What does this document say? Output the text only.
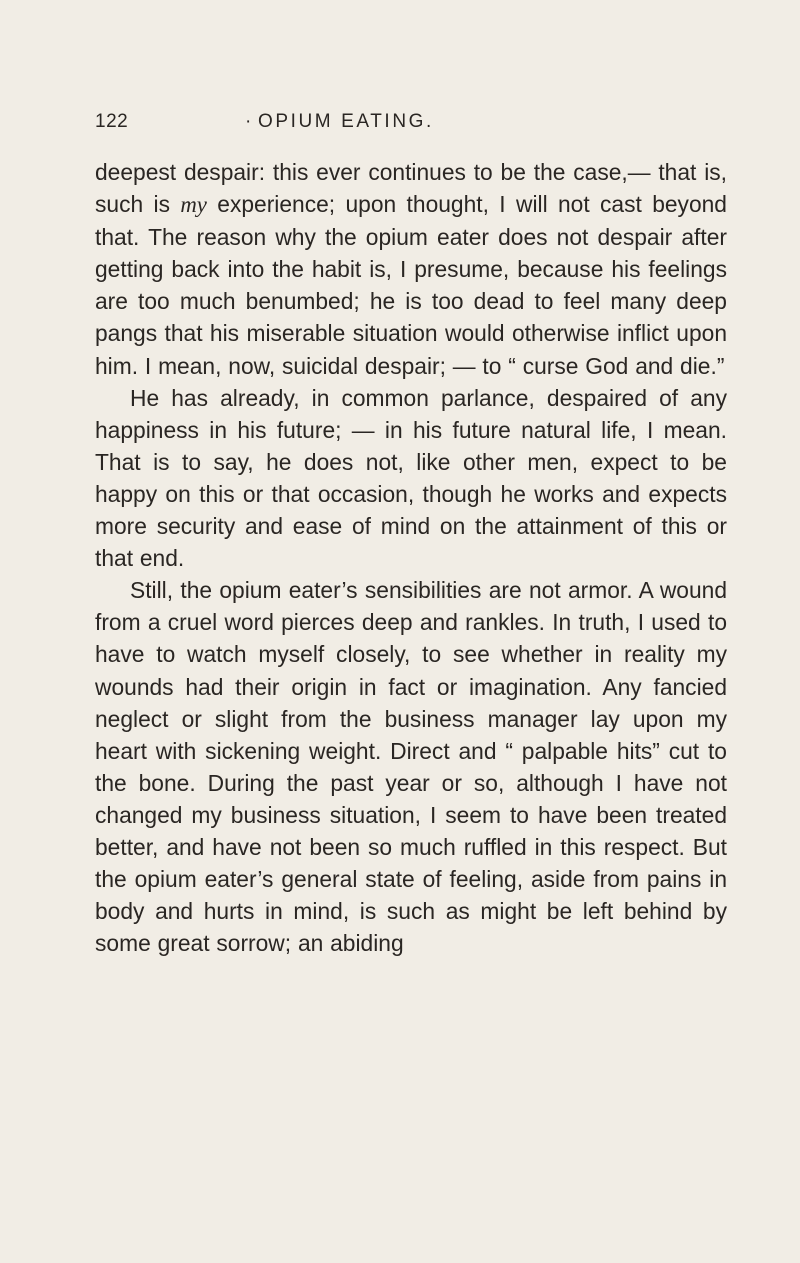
122
·	OPIUM EATING.

deepest despair: this ever continues to be the case,— that is, such is my experience; upon thought, I will not cast beyond that. The reason why the opium eater does not despair after getting back into the habit is, I presume, because his feelings are too much benumbed; he is too dead to feel many deep pangs that his miserable situation would otherwise inflict upon him. I mean, now, suicidal despair; — to “ curse God and die.”

He has already, in common parlance, despaired of any happiness in his future; — in his future natural life, I mean. That is to say, he does not, like other men, expect to be happy on this or that occasion, though he works and expects more security and ease of mind on the attainment of this or that end.

Still, the opium eater’s sensibilities are not armor. A wound from a cruel word pierces deep and rankles. In truth, I used to have to watch myself closely, to see whether in reality my wounds had their origin in fact or imagination. Any fancied neglect or slight from the business manager lay upon my heart with sickening weight. Direct and “ palpable hits” cut to the bone. During the past year or so, although I have not changed my business situation, I seem to have been treated better, and have not been so much ruffled in this respect. But the opium eater’s general state of feeling, aside from pains in body and hurts in mind, is such as might be left behind by some great sorrow; an abiding
